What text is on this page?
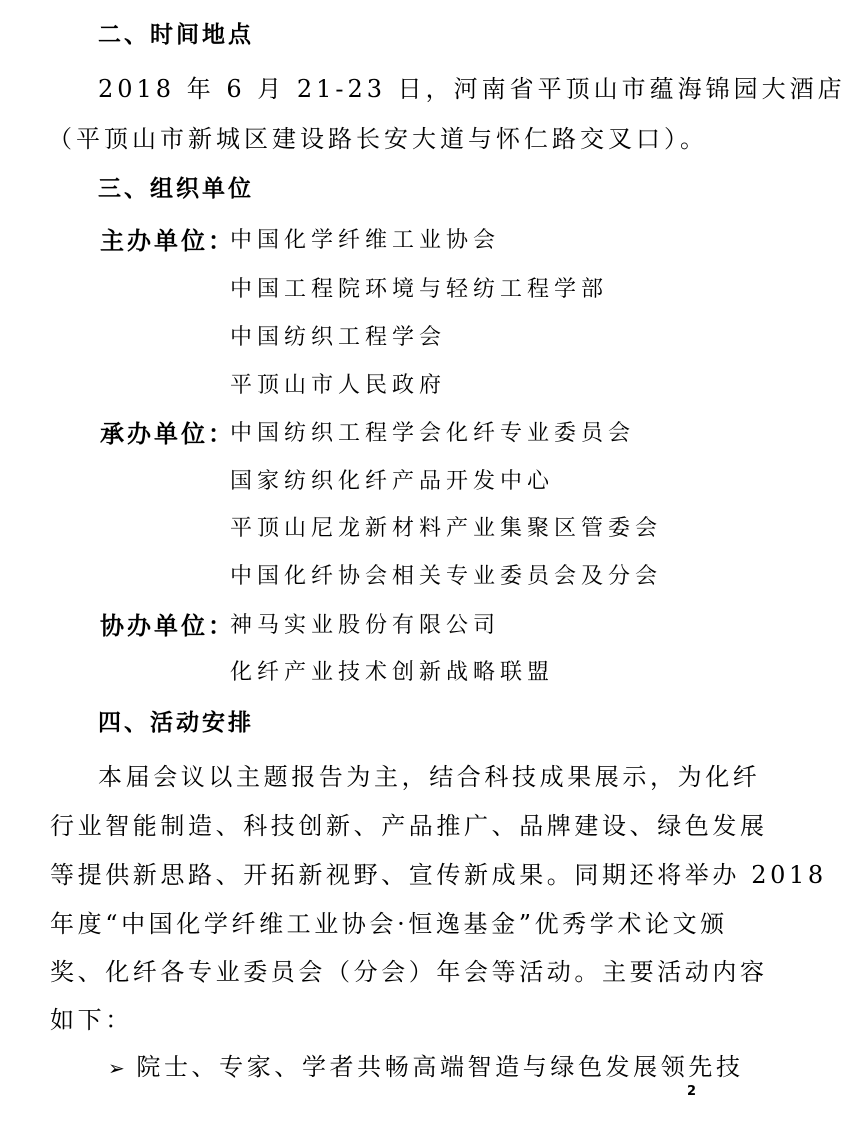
二、时间地点
2018 年 6 月 21-23 日，河南省平顶山市蕴海锦园大酒店
（平顶山市新城区建设路长安大道与怀仁路交叉口）。
三、组织单位
主办单位：
中国化学纤维工业协会
中国工程院环境与轻纺工程学部
中国纺织工程学会
平顶山市人民政府
承办单位：
中国纺织工程学会化纤专业委员会
国家纺织化纤产品开发中心
平顶山尼龙新材料产业集聚区管委会
中国化纤协会相关专业委员会及分会
协办单位：
神马实业股份有限公司
化纤产业技术创新战略联盟
四、活动安排
本届会议以主题报告为主，结合科技成果展示，为化纤
行业智能制造、科技创新、产品推广、品牌建设、绿色发展
等提供新思路、开拓新视野、宣传新成果。同期还将举办 2018
年度“中国化学纤维工业协会·恒逸基金”优秀学术论文颁
奖、化纤各专业委员会（分会）年会等活动。主要活动内容
如下：
➢ 院士、专家、学者共畅高端智造与绿色发展领先技
2
